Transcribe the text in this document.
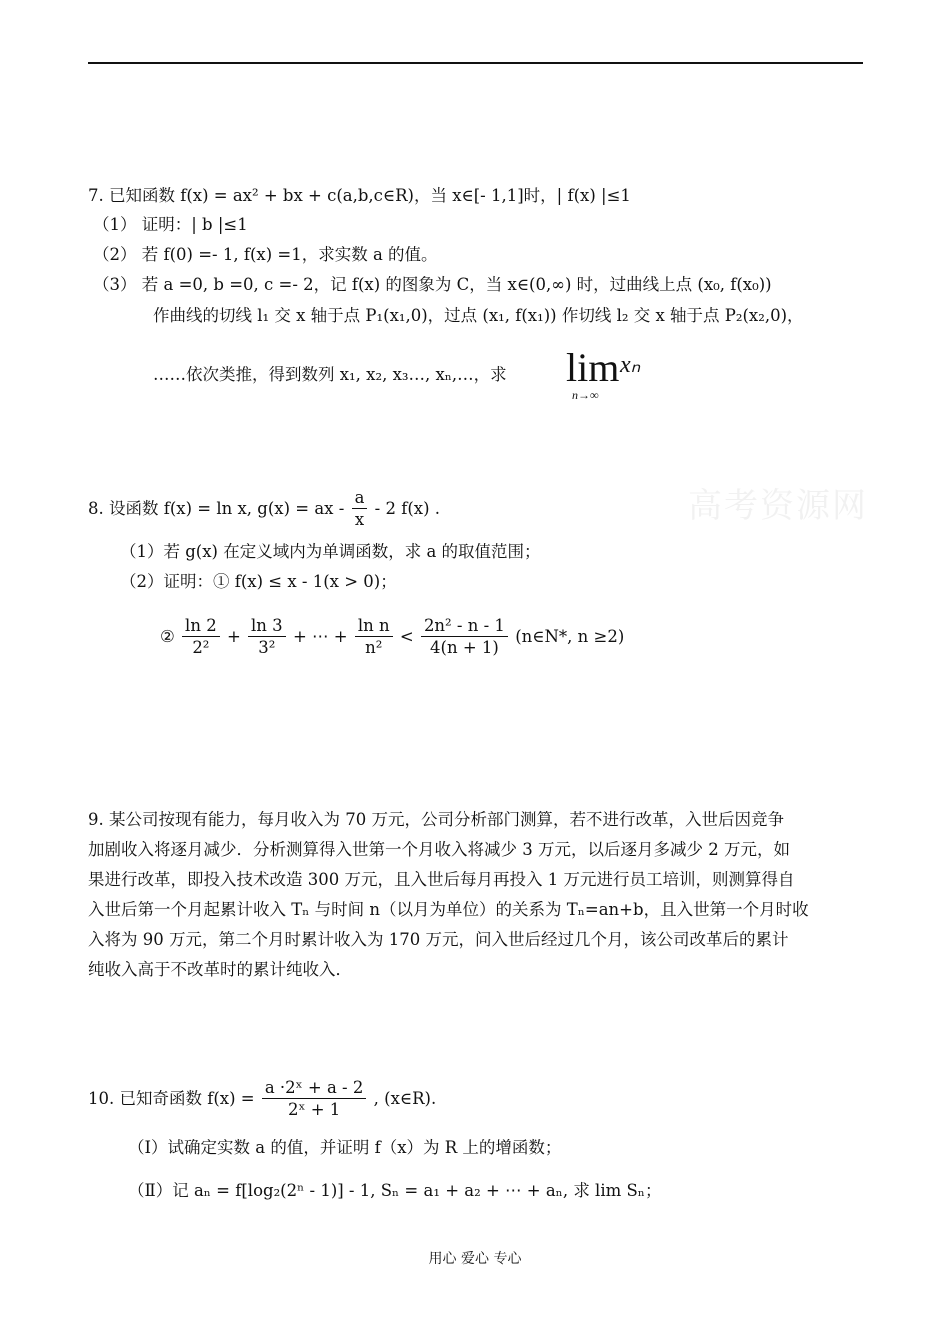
7. 已知函数 f(x) = ax² + bx + c(a,b,c∈R)，当 x∈[- 1,1]时，| f(x) |≤1
（1） 证明：| b |≤1
（2） 若 f(0) =- 1, f(x) =1，求实数 a 的值。
（3） 若 a =0, b =0, c =- 2，记 f(x) 的图象为 C，当 x∈(0,∞) 时，过曲线上点 (x₀, f(x₀))
作曲线的切线 l₁ 交 x 轴于点 P₁(x₁,0)，过点 (x₁, f(x₁)) 作切线 l₂ 交 x 轴于点 P₂(x₂,0)，
……依次类推，得到数列 x₁, x₂, x₃…, xₙ,…，求 lim xₙ
n→∞
8. 设函数 f(x) = ln x, g(x) = ax - $\frac{a}{x} - 2$ f(x) .
（1）若 g(x) 在定义域内为单调函数，求 a 的取值范围；
（2）证明：① f(x) ≤ x - 1(x > 0)；
② $\frac{\ln 2}{\text{2²}} + \frac{\ln 3}{\text{3²}}$ + ⋯ + $\frac{\text{ln n}}{\text{n²}} < \frac{\text{2n² - n - 1}}{4(n + 1)}$ (n∈N*, n ≥2)
9. 某公司按现有能力，每月收入为 70 万元，公司分析部门测算，若不进行改革，入世后因竞争
加剧收入将逐月减少．分析测算得入世第一个月收入将减少 3 万元，以后逐月多减少 2 万元，如
果进行改革，即投入技术改造 300 万元，且入世后每月再投入 1 万元进行员工培训，则测算得自
入世后第一个月起累计收入 Tₙ 与时间 n（以月为单位）的关系为 Tₙ=an+b，且入世第一个月时收
入将为 90 万元，第二个月时累计收入为 170 万元，问入世后经过几个月，该公司改革后的累计
纯收入高于不改革时的累计纯收入．
10. 已知奇函数 $f(x) = \frac{\text{a ·2ˣ + a - 2}}{\text{2ˣ + 1}}$ , (x∈R).
（Ⅰ）试确定实数 a 的值，并证明 f（x）为 R 上的增函数；
（Ⅱ）记 aₙ = f[log₂(2ⁿ - 1)] - 1, Sₙ = a₁ + a₂ + ⋯ + aₙ, 求 lim Sₙ；
用心 爱心 专心
高考资源网
